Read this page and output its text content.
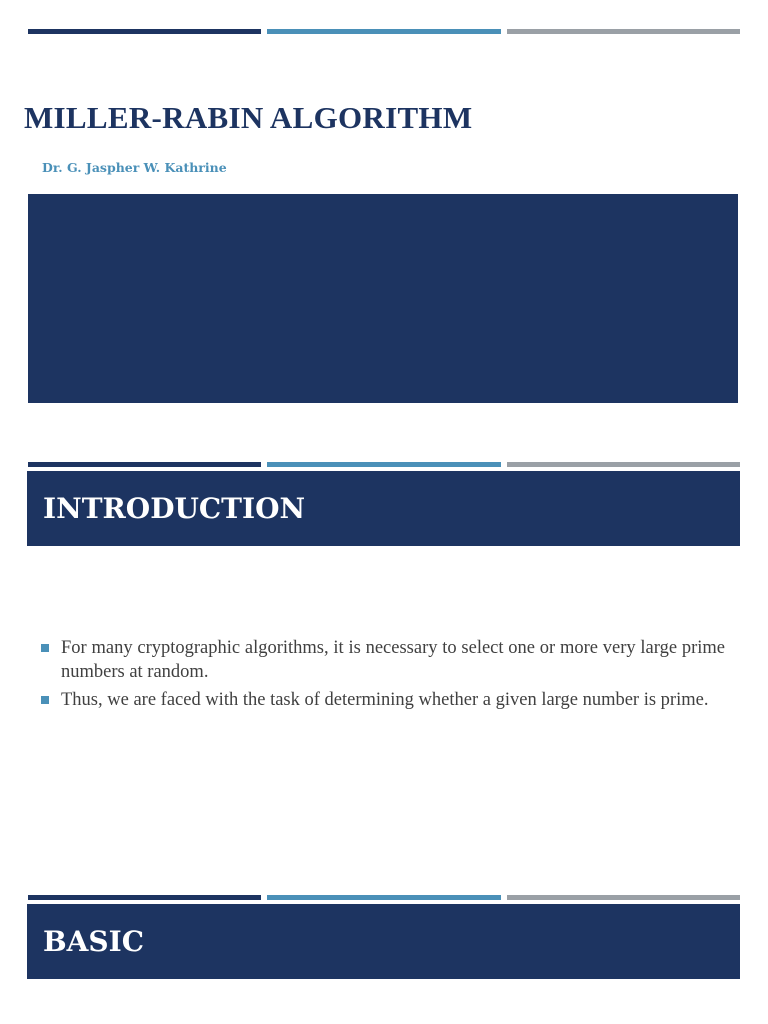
MILLER-RABIN ALGORITHM
Dr. G. Jaspher W. Kathrine
INTRODUCTION
For many cryptographic algorithms, it is necessary to select one or more very large prime numbers at random.
Thus, we are faced with the task of determining whether a given large number is prime.
BASIC
